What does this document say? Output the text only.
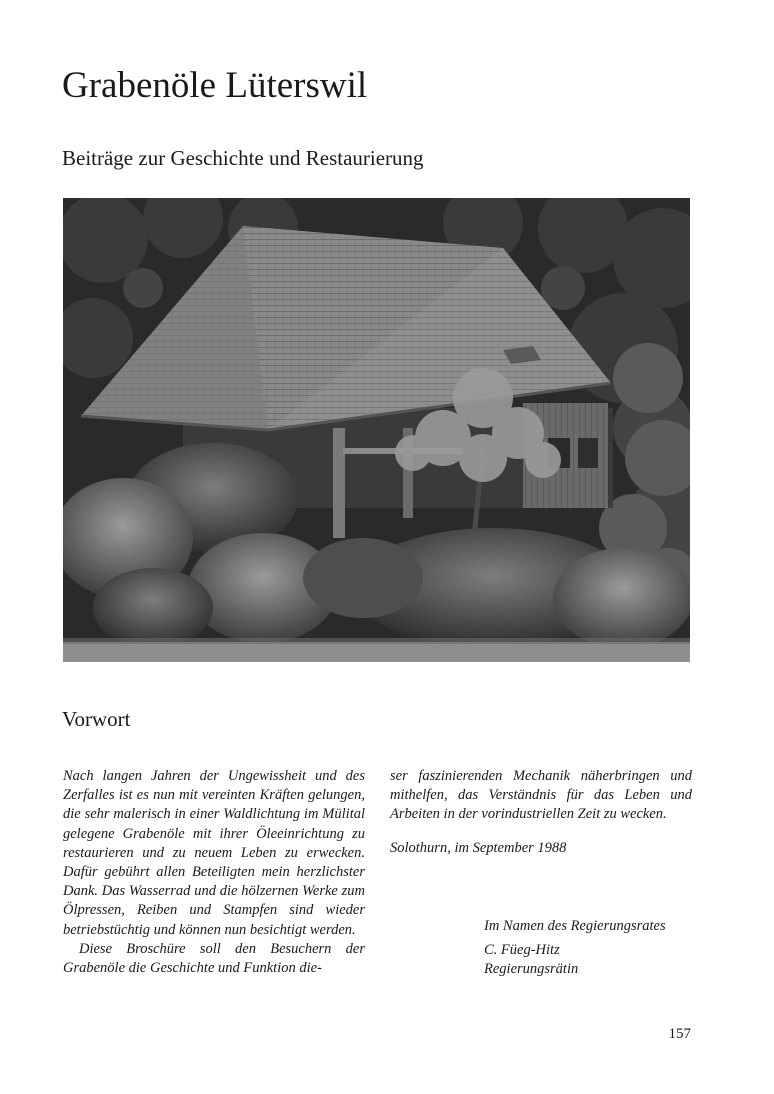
Grabenöle Lüterswil
Beiträge zur Geschichte und Restaurierung
Vorwort

Nach langen Jahren der Ungewissheit und des Zerfalles ist es nun mit vereinten Kräften gelungen, die sehr malerisch in einer Waldlichtung im Mülital gelegene Grabenöle mit ihrer Öleeinrichtung zu restaurieren und zu neuem Leben zu erwecken. Dafür gebührt allen Beteiligten mein herzlichster Dank. Das Wasserrad und die hölzernen Werke zum Ölpressen, Reiben und Stampfen sind wieder betriebstüchtig und können nun besichtigt werden.

Diese Broschüre soll den Besuchern der Grabenöle die Geschichte und Funktion die-

ser faszinierenden Mechanik näherbringen und mithelfen, das Verständnis für das Leben und Arbeiten in der vorindustriellen Zeit zu wecken.

Solothurn, im September 1988

Im Namen des Regierungsrates
C. Füeg-Hitz
Regierungsrätin
157
